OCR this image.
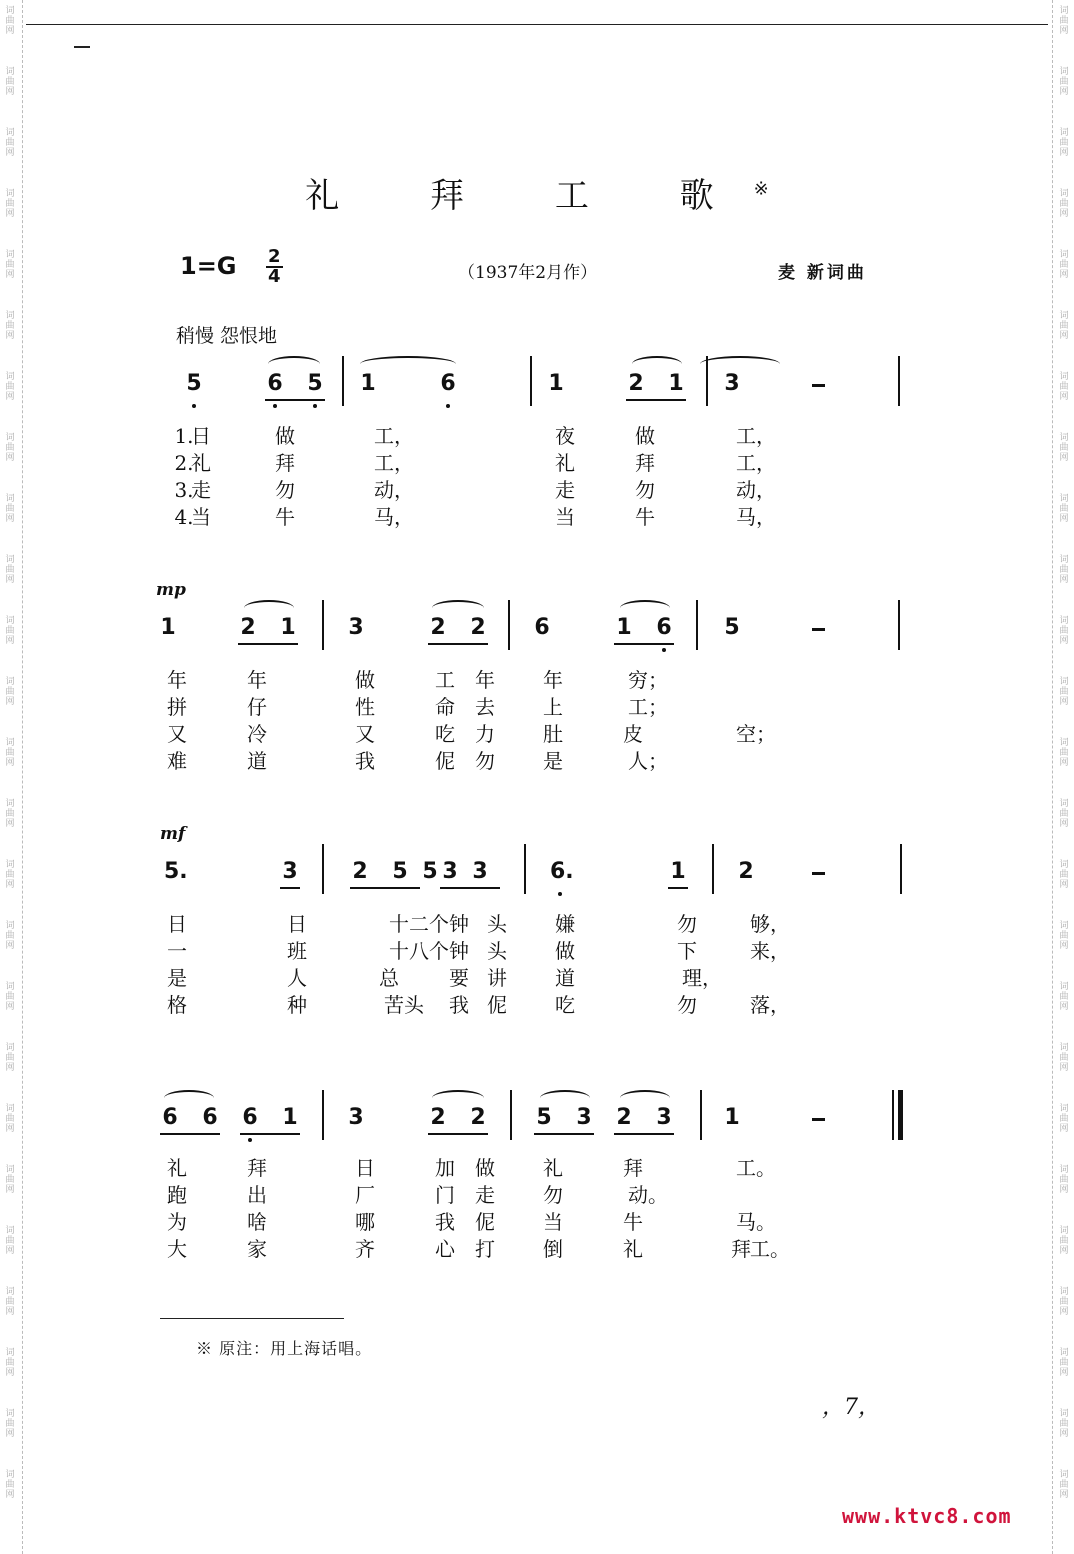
词
曲
网
词
曲
网
词
曲
网
词
曲
网
词
曲
网
词
曲
网
词
曲
网
词
曲
网
词
曲
网
词
曲
网
词
曲
网
词
曲
网
词
曲
网
词
曲
网
词
曲
网
词
曲
网
词
曲
网
词
曲
网
词
曲
网
词
曲
网
词
曲
网
词
曲
网
词
曲
网
词
曲
网
词
曲
网
词
曲
网
词
曲
网
词
曲
网
词
曲
网
词
曲
网
词
曲
网
词
曲
网
词
曲
网
词
曲
网
词
曲
网
词
曲
网
词
曲
网
词
曲
网
词
曲
网
词
曲
网
词
曲
网
词
曲
网
词
曲
网
词
曲
网
词
曲
网
词
曲
网
词
曲
网
词
曲
网
词
曲
网
词
曲
网
礼 拜 工 歌※
$1=G \frac{2}{4}$	（1937年2月作）	麦 新词曲
稍慢 怨恨地
mp
mf
5	6 5 1	6	1	2 1 3
1.
日	做	工，	夜	做	工，
2.
礼	拜	工，	礼	拜	工，
3.
走	勿	动，	走	勿	动，
4.
当	牛	马，	当	牛	马，
1	2 1 3	2 2 6	1 6 5
年	年	做	工 年 年	穷；
拼	仔	性	命 去 上	工；
又	冷	又	吃 力 肚	皮	空；
难	道	我	伲 勿 是	人；
5.	3 2 5 5 3 3	6.	1 2
日	日	十二个 钟 头 嫌	勿	够，
一	班	十八个 钟 头 做	下	来，
是	人	总	要 讲 道	理，
格	种	苦头	我 伲 吃	勿	落，
6 6 6 1 3	2 2 5 3 2 3 1
礼	拜	日	加 做 礼	拜	工。
跑	出	厂	门 走 勿	动。
为	啥	哪	我 伲 当	牛	马。
大	家	齐	心 打 倒	礼	拜 工。
※ 原注：用上海话唱。
，7，
www.ktvc8.com
